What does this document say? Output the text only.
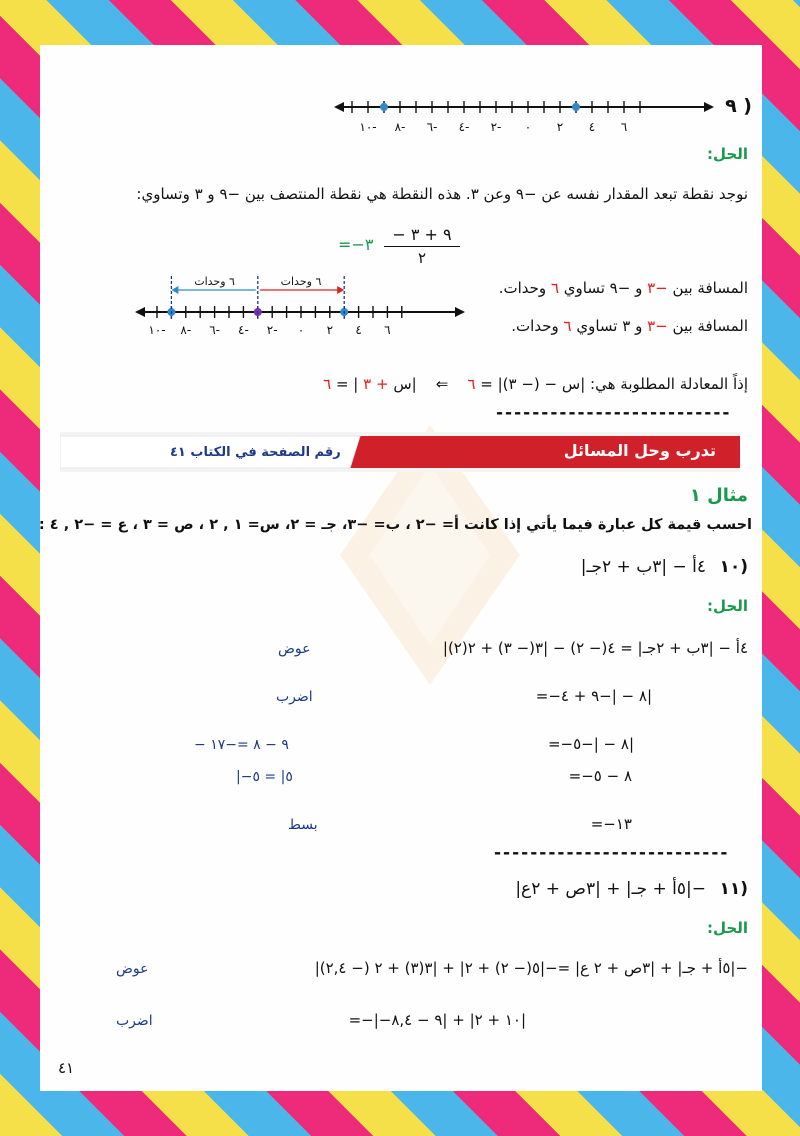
٩ )
٦
٤
٢
٠
٢-
٤-
٦-
٨-
١٠-
الحل:
نوجد نقطة تبعد المقدار نفسه عن −٩ وعن ٣. هذه النقطة هي نقطة المنتصف بين −٩ و ٣ وتساوي:
− ٩ + ٣
٢
=−٣
٦
٤
٢
٠
٢-
٤-
٦-
٨-
١٠-
٦ وحدات	٦ وحدات	المسافة بين −٣ و −٩ تساوي ٦ وحدات.
المسافة بين −٣ و ٣ تساوي ٦ وحدات.
إذاً المعادلة المطلوبة هي: |س − (− ٣)| = ٦    ⇐    |س + ٣ | = ٦
--------------------------
تدرب وحل المسائل
رقم الصفحة في الكتاب ٤١
مثال ١
احسب قيمة كل عبارة فيما يأتي إذا كانت أ= −٢ ، ب= −٣، جـ = ٢، س= ١ , ٢ ، ص = ٣ ، ع = −٢ , ٤ :
١٠)
٤أ − |٣ب + ٢جـ|
الحل:
٤أ − |٣ب + ٢جـ| = ٤(− ٢) − |٣(− ٣) + ٢(٢)|
عوض
=−٨ − |−٩ + ٤|
اضرب
=−٨ − |−٥|
− ٩ − ٨ =−١٧
=−٨ − ٥
|−٥| = ٥
=−١٣
بسط
--------------------------
١١)
−|٥أ + جـ| + |٣ص + ٢ع|
الحل:
−|٥أ + جـ| + |٣ص + ٢ ع| =−|٥(− ٢) + ٢| + |٣(٣) + ٢ (− ٢,٤)|
عوض
=−|−١٠ + ٢| + |٩ − ٨,٤|
اضرب
٤١
